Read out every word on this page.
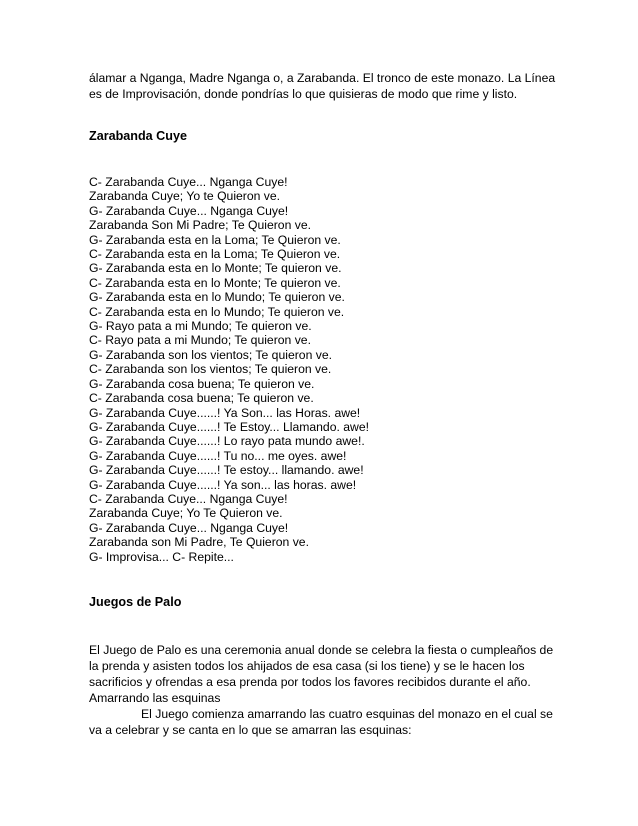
álamar a Nganga, Madre Nganga o, a Zarabanda. El tronco de este monazo. La Línea es de Improvisación, donde pondrías lo que quisieras de modo que rime y listo.

Zarabanda Cuye

C- Zarabanda Cuye... Nganga Cuye!
Zarabanda Cuye; Yo te Quieron ve.
G- Zarabanda Cuye... Nganga Cuye!
Zarabanda Son Mi Padre; Te Quieron ve.
G- Zarabanda esta en la Loma; Te Quieron ve.
C- Zarabanda esta en la Loma; Te Quieron ve.
G- Zarabanda esta en lo Monte; Te quieron ve.
C- Zarabanda esta en lo Monte; Te quieron ve.
G- Zarabanda esta en lo Mundo; Te quieron ve.
C- Zarabanda esta en lo Mundo; Te quieron ve.
G- Rayo pata a mi Mundo; Te quieron ve.
C- Rayo pata a mi Mundo; Te quieron ve.
G- Zarabanda son los vientos; Te quieron ve.
C- Zarabanda son los vientos; Te quieron ve.
G- Zarabanda cosa buena; Te quieron ve.
C- Zarabanda cosa buena; Te quieron ve.
G- Zarabanda Cuye......! Ya Son... las Horas. awe!
G- Zarabanda Cuye......! Te Estoy... Llamando. awe!
G- Zarabanda Cuye......! Lo rayo pata mundo awe!.
G- Zarabanda Cuye......! Tu no... me oyes. awe!
G- Zarabanda Cuye......! Te estoy... llamando. awe!
G- Zarabanda Cuye......! Ya son... las horas. awe!
C- Zarabanda Cuye... Nganga Cuye!
Zarabanda Cuye; Yo Te Quieron ve.
G- Zarabanda Cuye... Nganga Cuye!
Zarabanda son Mi Padre, Te Quieron ve.
G- Improvisa... C- Repite...

Juegos de Palo

El Juego de Palo es una ceremonia anual donde se celebra la fiesta o cumpleaños de la prenda y asisten todos los ahijados de esa casa (si los tiene) y se le hacen los sacrificios y ofrendas a esa prenda por todos los favores recibidos durante el año.

Amarrando las esquinas

El Juego comienza amarrando las cuatro esquinas del monazo en el cual se va a celebrar y se canta en lo que se amarran las esquinas:
